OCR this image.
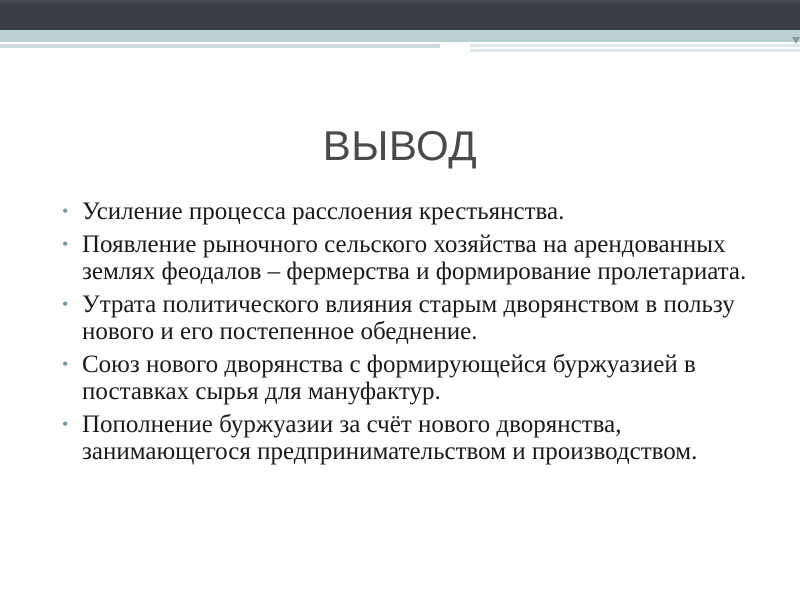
ВЫВОД
• Усиление процесса расслоения крестьянства.
• Появление рыночного сельского хозяйства на арендованных землях феодалов – фермерства и формирование пролетариата.
• Утрата политического влияния старым дворянством в пользу нового и его постепенное обеднение.
• Союз нового дворянства с формирующейся буржуазией в поставках сырья для мануфактур.
• Пополнение буржуазии за счёт нового дворянства, занимающегося предпринимательством и производством.
